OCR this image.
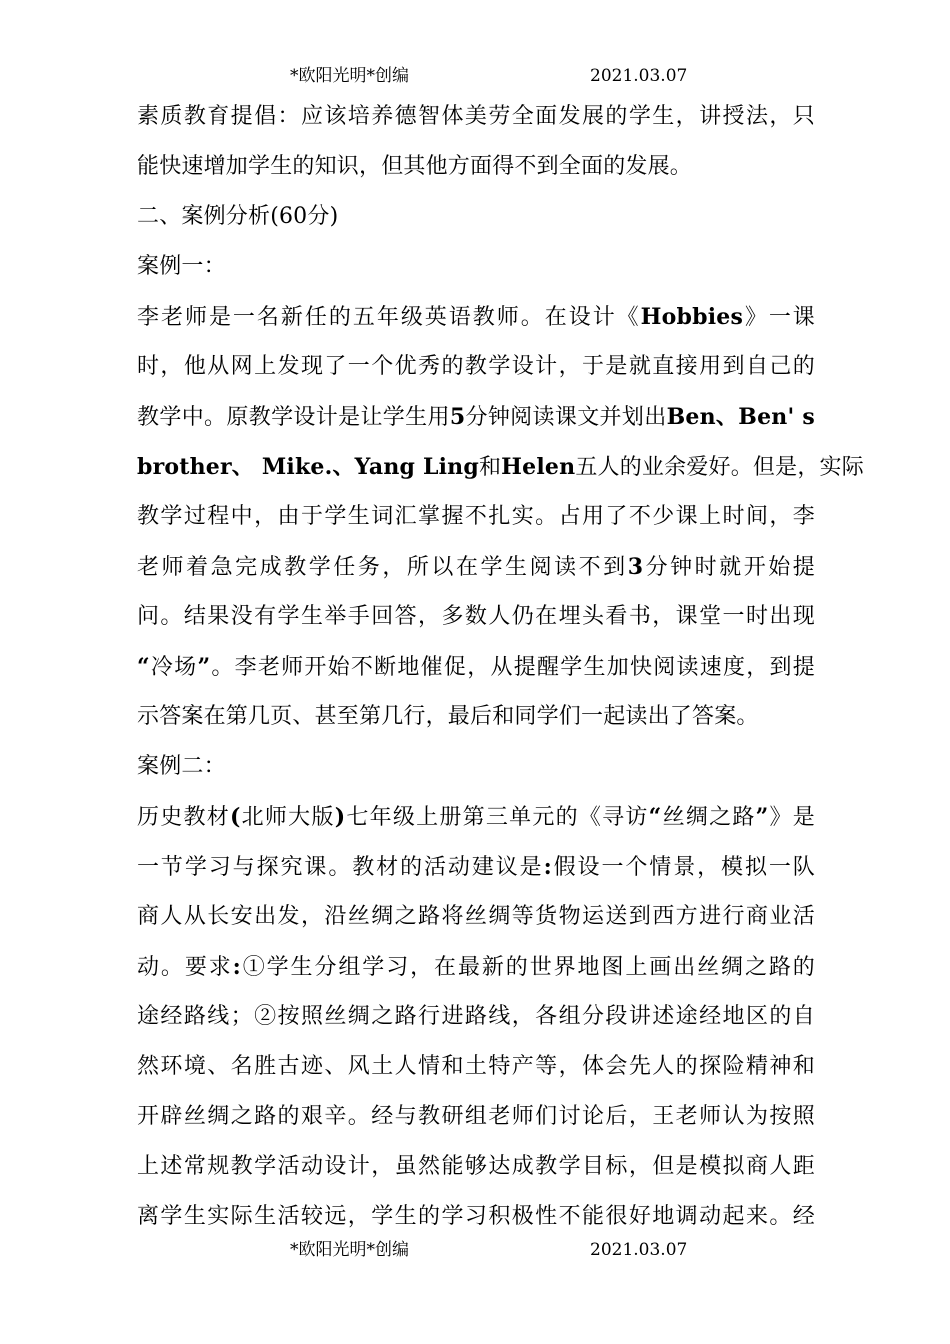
*欧阳光明*创编	2021.03.07
素质教育提倡：应该培养德智体美劳全面发展的学生，讲授法，只
能快速增加学生的知识，但其他方面得不到全面的发展。
二、案例分析(60分)
案例一：
李老师是一名新任的五年级英语教师。在设计《Hobbies》一课
时，他从网上发现了一个优秀的教学设计，于是就直接用到自己的
教学中。原教学设计是让学生用5分钟阅读课文并划出Ben、Ben' s
brother、 Mike.、Yang Ling和Helen五人的业余爱好。但是，实际
教学过程中，由于学生词汇掌握不扎实。占用了不少课上时间，李
老师着急完成教学任务，所以在学生阅读不到3分钟时就开始提
问。结果没有学生举手回答，多数人仍在埋头看书，课堂一时出现
“冷场”。李老师开始不断地催促，从提醒学生加快阅读速度，到提
示答案在第几页、甚至第几行，最后和同学们一起读出了答案。
案例二：
历史教材(北师大版)七年级上册第三单元的《寻访“丝绸之路”》是
一节学习与探究课。教材的活动建议是:假设一个情景，模拟一队
商人从长安出发，沿丝绸之路将丝绸等货物运送到西方进行商业活
动。要求:①学生分组学习，在最新的世界地图上画出丝绸之路的
途经路线；②按照丝绸之路行进路线，各组分段讲述途经地区的自
然环境、名胜古迹、风土人情和土特产等，体会先人的探险精神和
开辟丝绸之路的艰辛。经与教研组老师们讨论后，王老师认为按照
上述常规教学活动设计，虽然能够达成教学目标，但是模拟商人距
离学生实际生活较远，学生的学习积极性不能很好地调动起来。经
*欧阳光明*创编	2021.03.07
